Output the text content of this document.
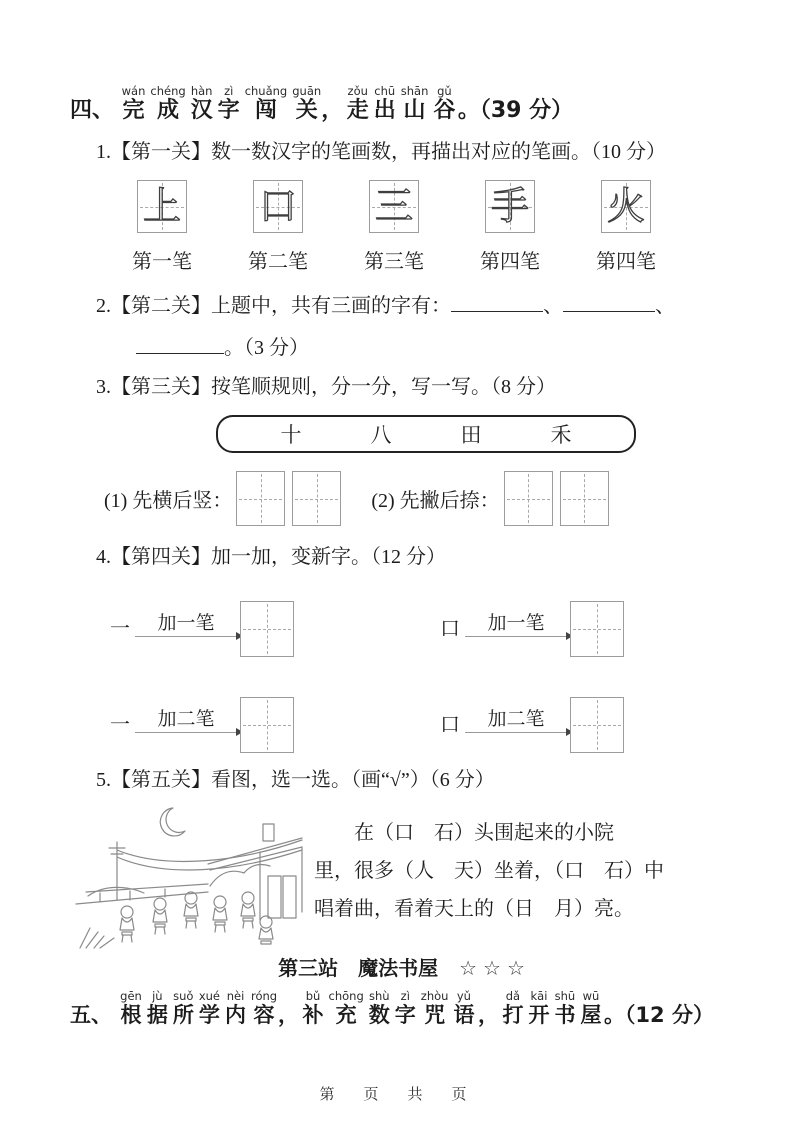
四、 完wán成chéng汉hàn字zì闯chuǎng关guān， 走zǒu出chū山shān谷gǔ。（39 分）
1.【第一关】数一数汉字的笔画数，再描出对应的笔画。（10 分）
上
第一笔
口
第二笔
三
第三笔
手
第四笔
火
第四笔
2.【第二关】上题中，共有三画的字有：	、	、
。（3 分）
3.【第三关】按笔顺规则，分一分，写一写。（8 分）
十	八	田	禾
(1) 先横后竖：	(2) 先撇后捺：
4.【第四关】加一加，变新字。（12 分）
一 加一笔	口 加一笔
一 加二笔	口 加二笔
5.【第五关】看图，选一选。（画“√”）（6 分）
在（口　石）头围起来的小院
里，很多（人　天）坐着，（口　石）中
唱着曲，看着天上的（日　月）亮。
第三站　魔法书屋 ☆☆☆
五、 根gēn据jù所suǒ学xué内nèi容róng， 补bǔ充chōng数shù字zì咒zhòu语yǔ， 打dǎ开kāi书shū屋wū。（12 分）
第　页　共　页
